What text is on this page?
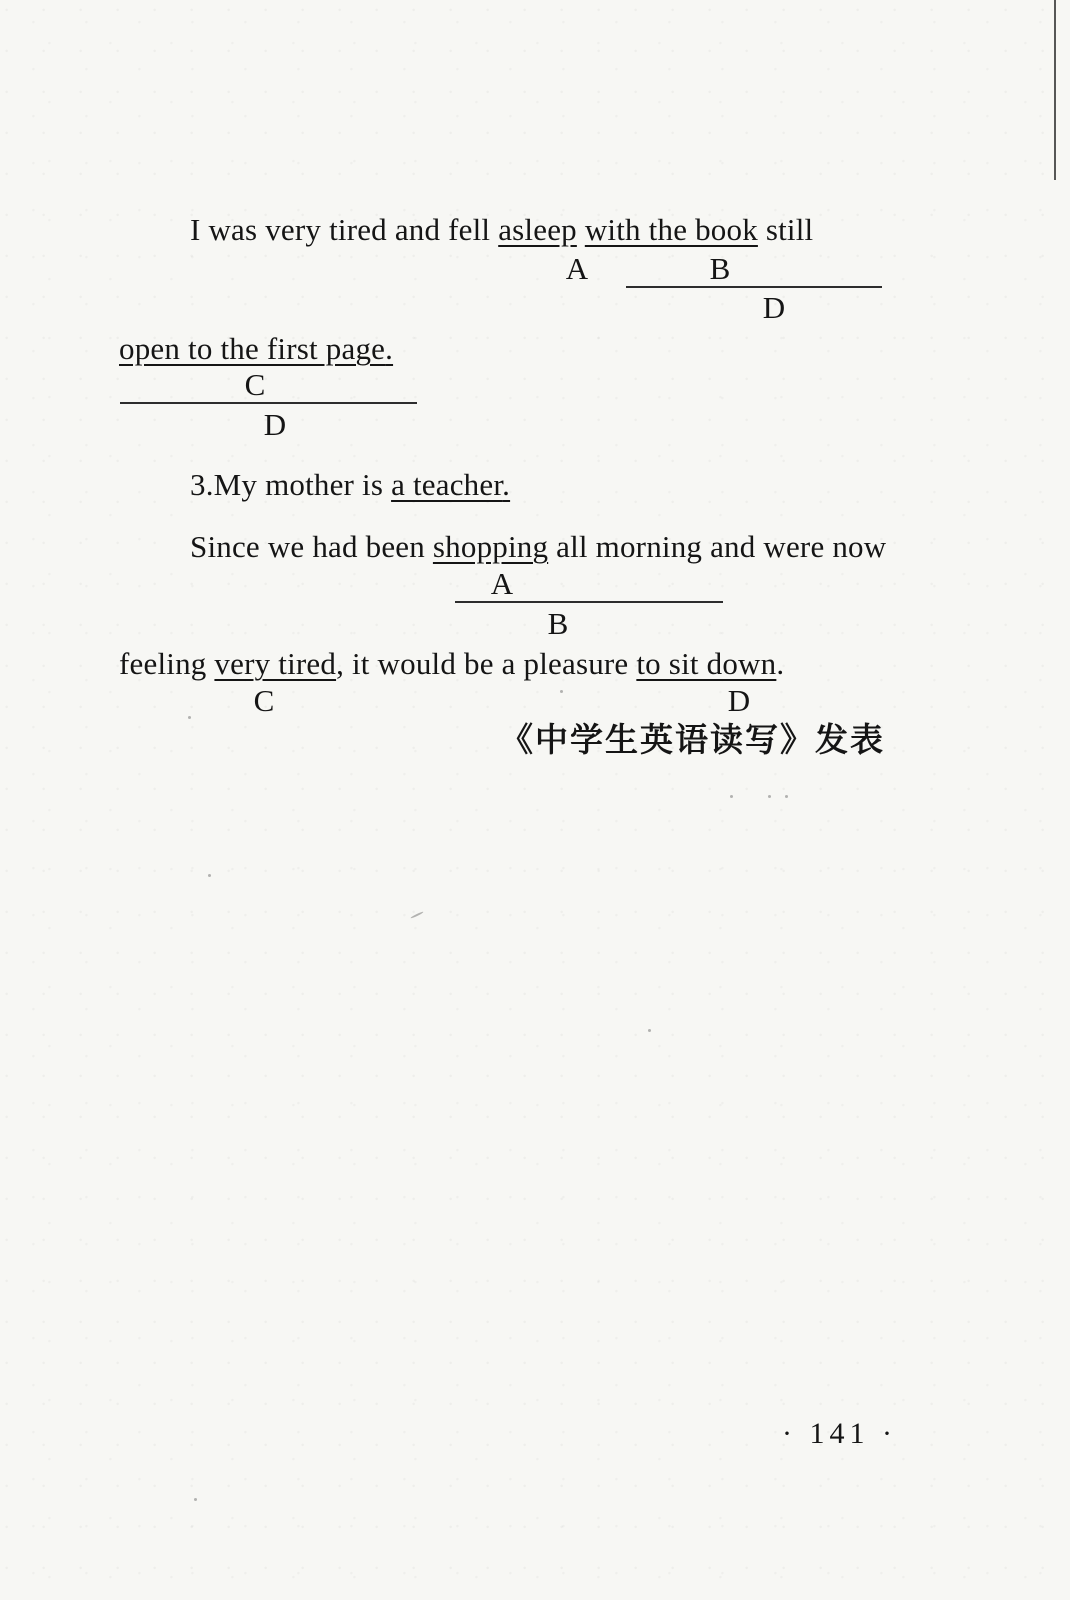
I was very tired and fell asleep with the book still
A	B
D
open to the first page.
C
D
3.My mother is a teacher.
Since we had been shopping all morning and were now
A
B
feeling very tired, it would be a pleasure to sit down.
C	D
《中学生英语读写》发表
· 141 ·
